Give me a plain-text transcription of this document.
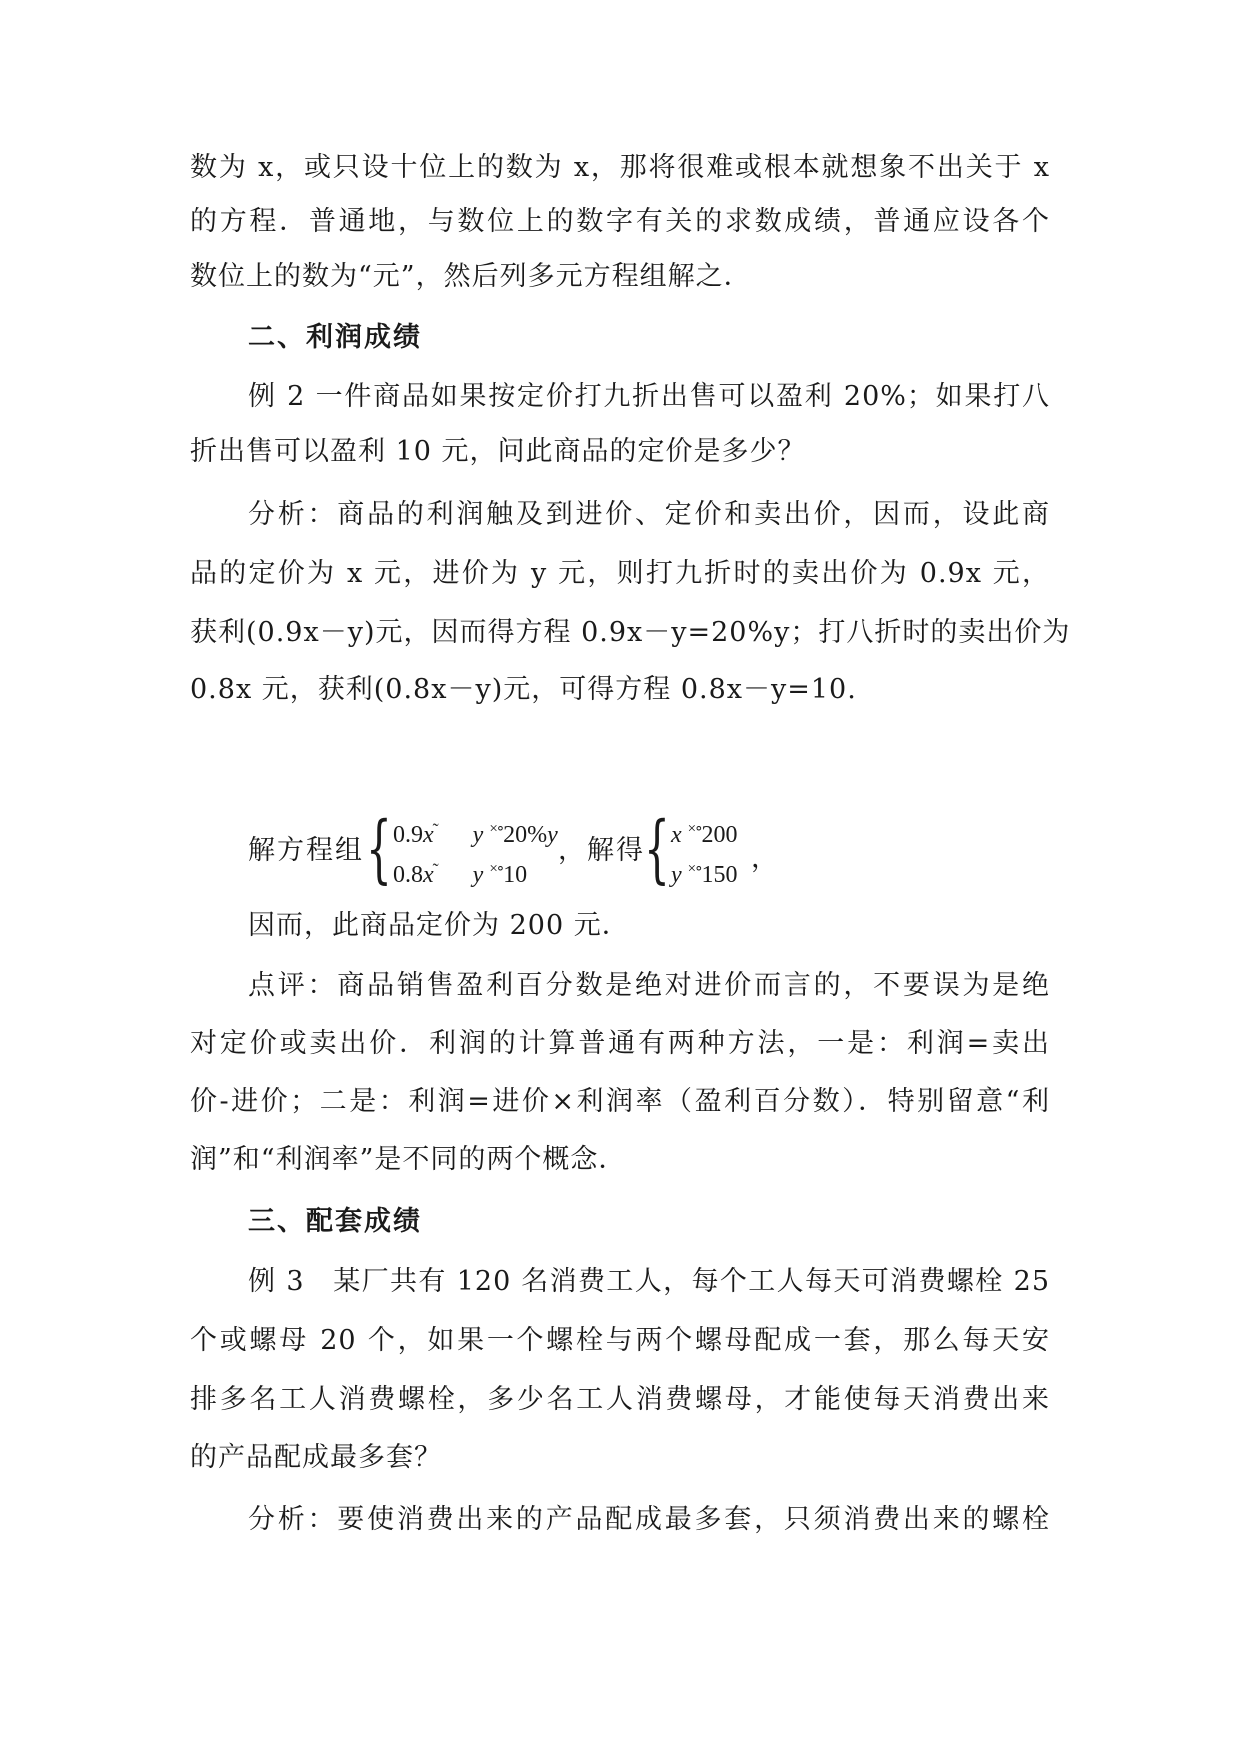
数为 x，或只设十位上的数为 x，那将很难或根本就想象不出关于 x
的方程．普通地，与数位上的数字有关的求数成绩，普通应设各个
数位上的数为“元”，然后列多元方程组解之．
二、利润成绩
例 2 一件商品如果按定价打九折出售可以盈利 20%；如果打八
折出售可以盈利 10 元，问此商品的定价是多少？
分析：商品的利润触及到进价、定价和卖出价，因而，设此商
品的定价为 x 元，进价为 y 元，则打九折时的卖出价为 0.9x 元，
获利(0.9x－y)元，因而得方程 0.9x－y=20%y；打八折时的卖出价为
0.8x 元，获利(0.8x－y)元，可得方程 0.8x－y=10.
解方程组 { 0.9x˜ y ×∘20%y
0.8x˜ y ×∘10
，解得 { x ×∘200
y ×∘150
，
因而，此商品定价为 200 元．
点评：商品销售盈利百分数是绝对进价而言的，不要误为是绝
对定价或卖出价．利润的计算普通有两种方法，一是：利润=卖出
价-进价；二是：利润=进价×利润率（盈利百分数）．特别留意“利
润”和“利润率”是不同的两个概念．
三、配套成绩
例 3　某厂共有 120 名消费工人，每个工人每天可消费螺栓 25
个或螺母 20 个，如果一个螺栓与两个螺母配成一套，那么每天安
排多名工人消费螺栓，多少名工人消费螺母，才能使每天消费出来
的产品配成最多套？
分析：要使消费出来的产品配成最多套，只须消费出来的螺栓
